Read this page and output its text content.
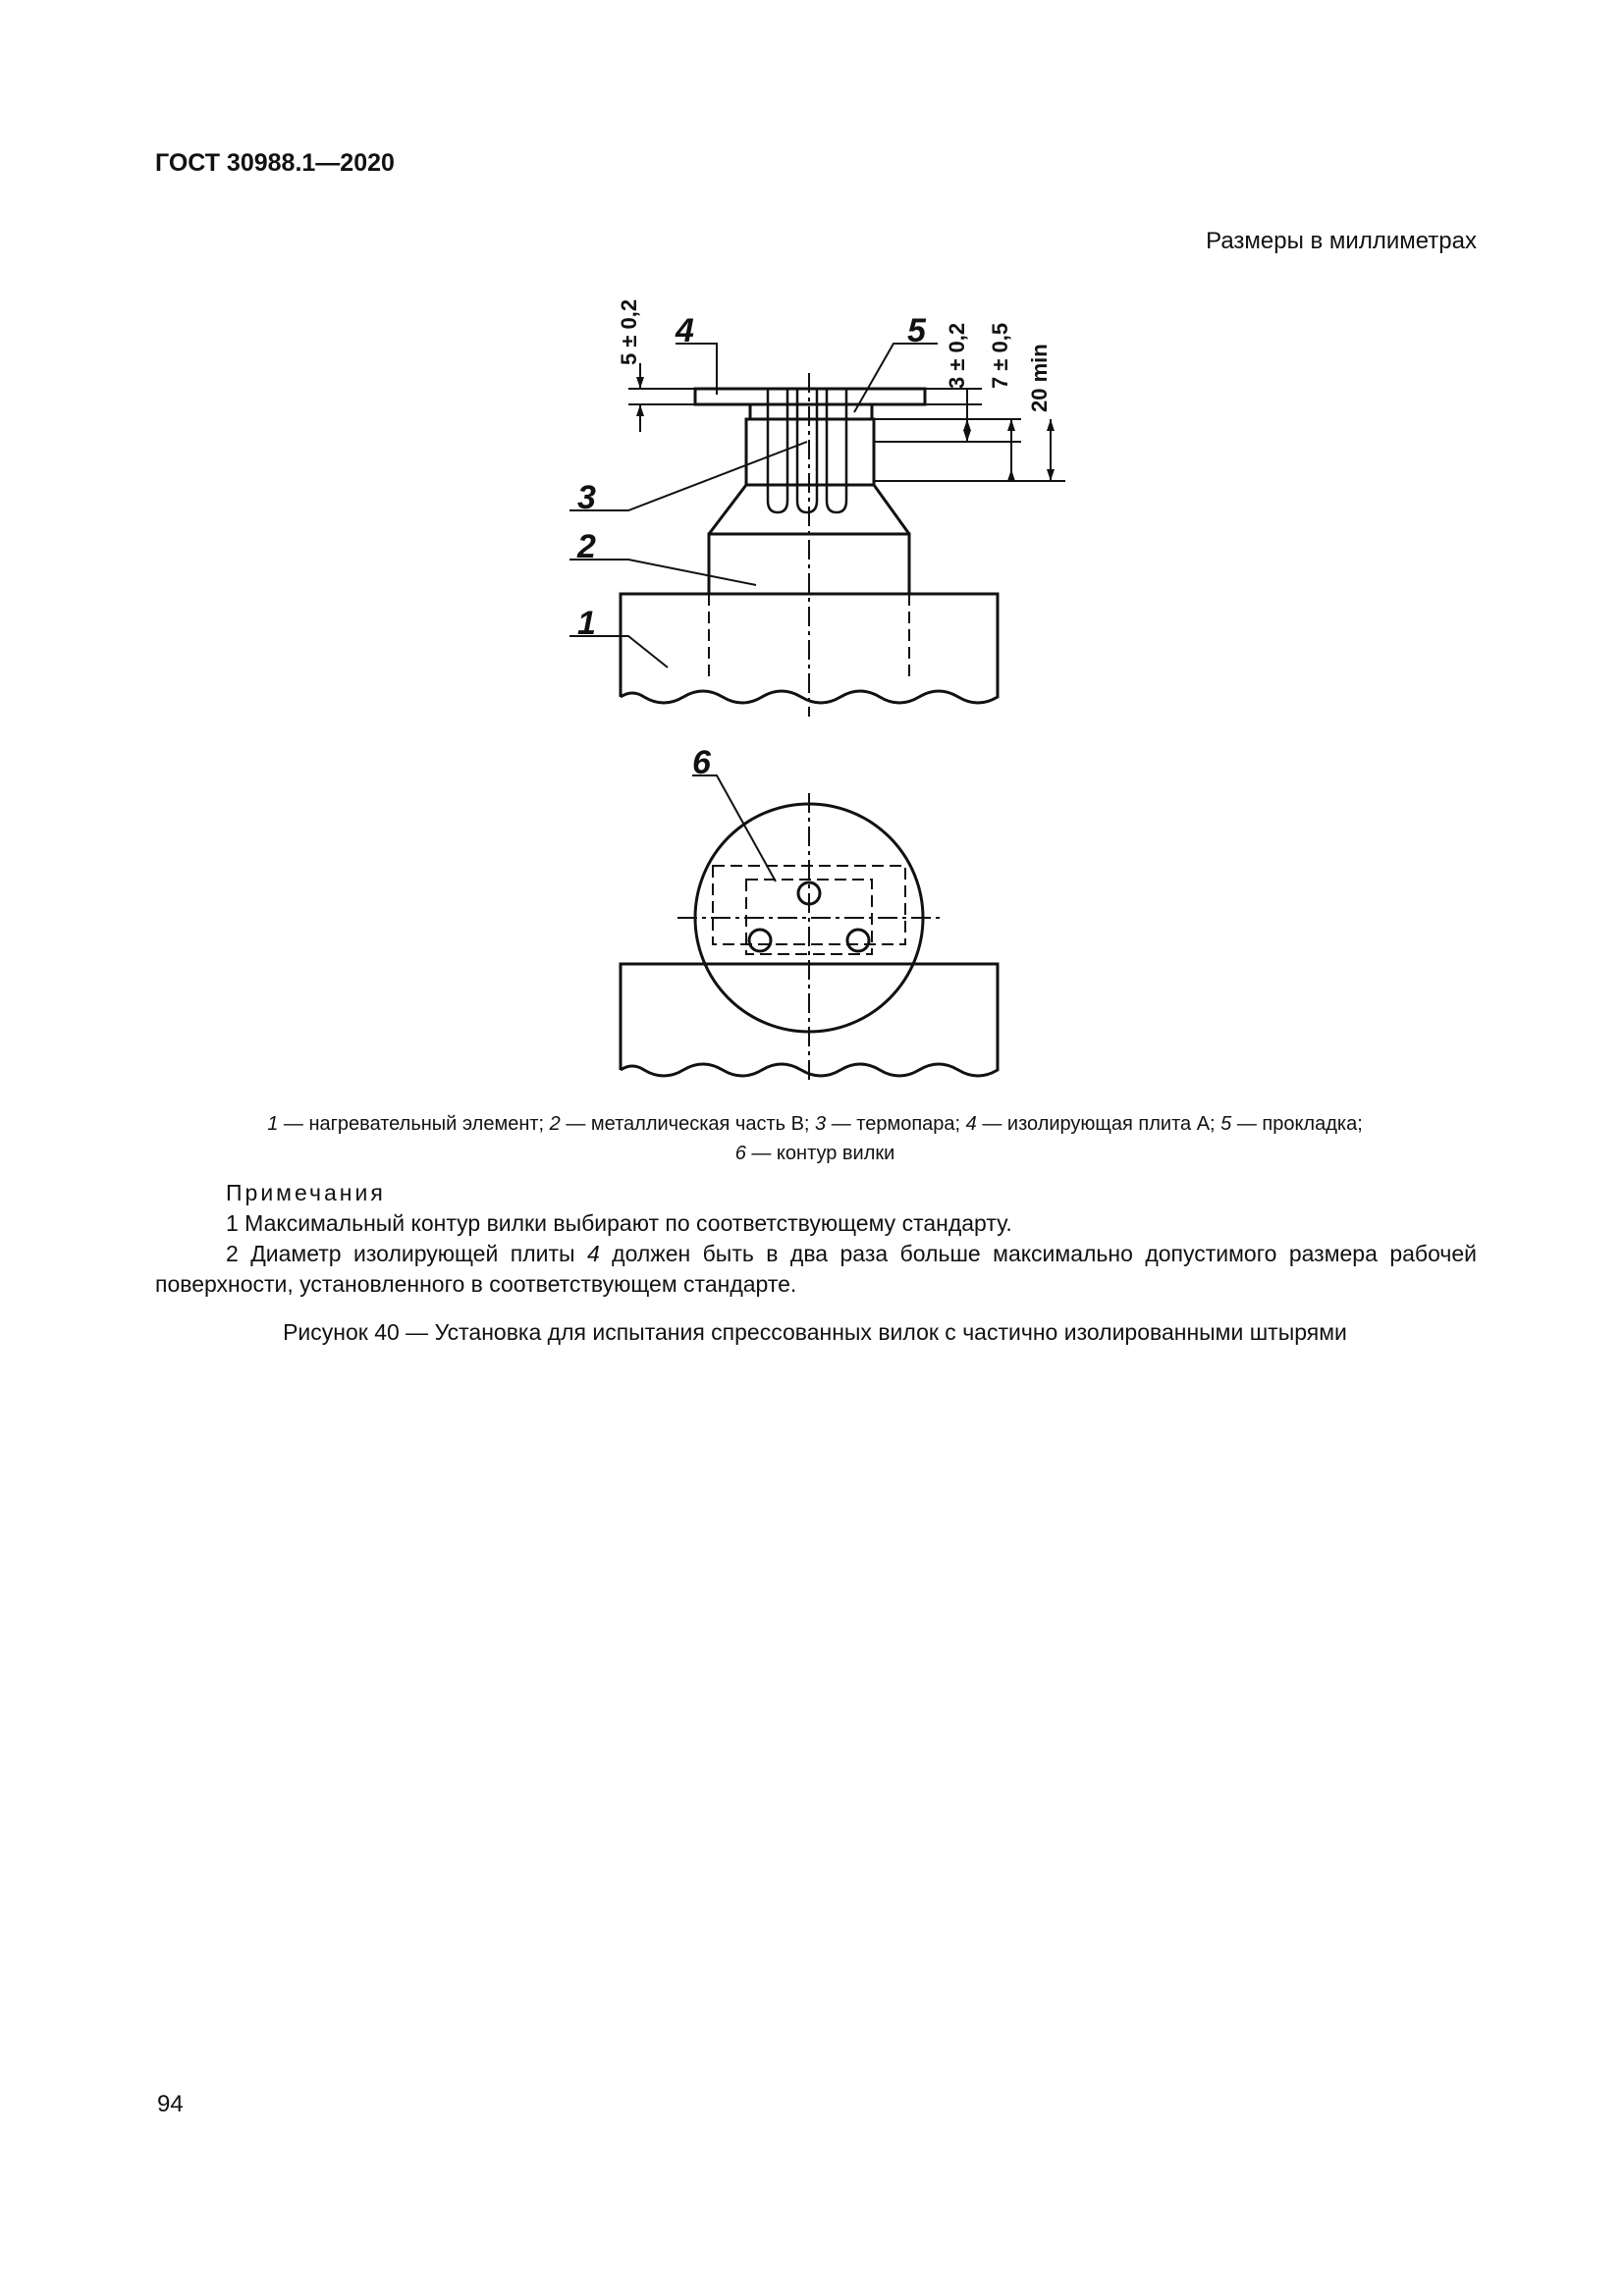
ГОСТ 30988.1—2020
Размеры в миллиметрах
5 ± 0,2	3 ± 0,2 7 ± 0,5 20 min
4	5
3
2
1
6
1 — нагревательный элемент; 2 — металлическая часть В; 3 — термопара; 4 — изолирующая плита А; 5 — прокладка;
6 — контур вилки
Примечания
1 Максимальный контур вилки выбирают по соответствующему стандарту.
2 Диаметр изолирующей плиты 4 должен быть в два раза больше максимально допустимого размера рабочей поверхности, установленного в соответствующем стандарте.
Рисунок 40 — Установка для испытания спрессованных вилок с частично изолированными штырями
94
